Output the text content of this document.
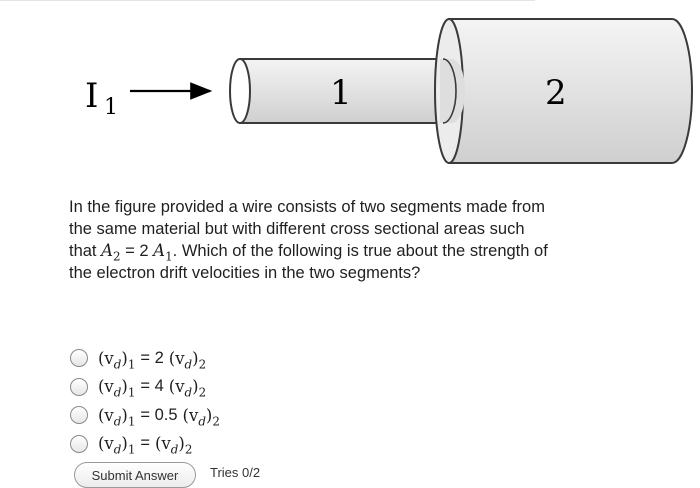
I 1	1	2

In the figure provided a wire consists of two segments made from the same material but with different cross sectional areas such that $A_2 = 2$ $A_1$. Which of the following is true about the strength of the electron drift velocities in the two segments?

$(v_d)_1 = 2$ $(v_d)_2$
$(v_d)_1 = 4$ $(v_d)_2$
$(v_d)_1 = 0.5$ $(v_d)_2$
$(v_d)_1 = (v_d)_2$
Submit Answer	Tries 0/2
